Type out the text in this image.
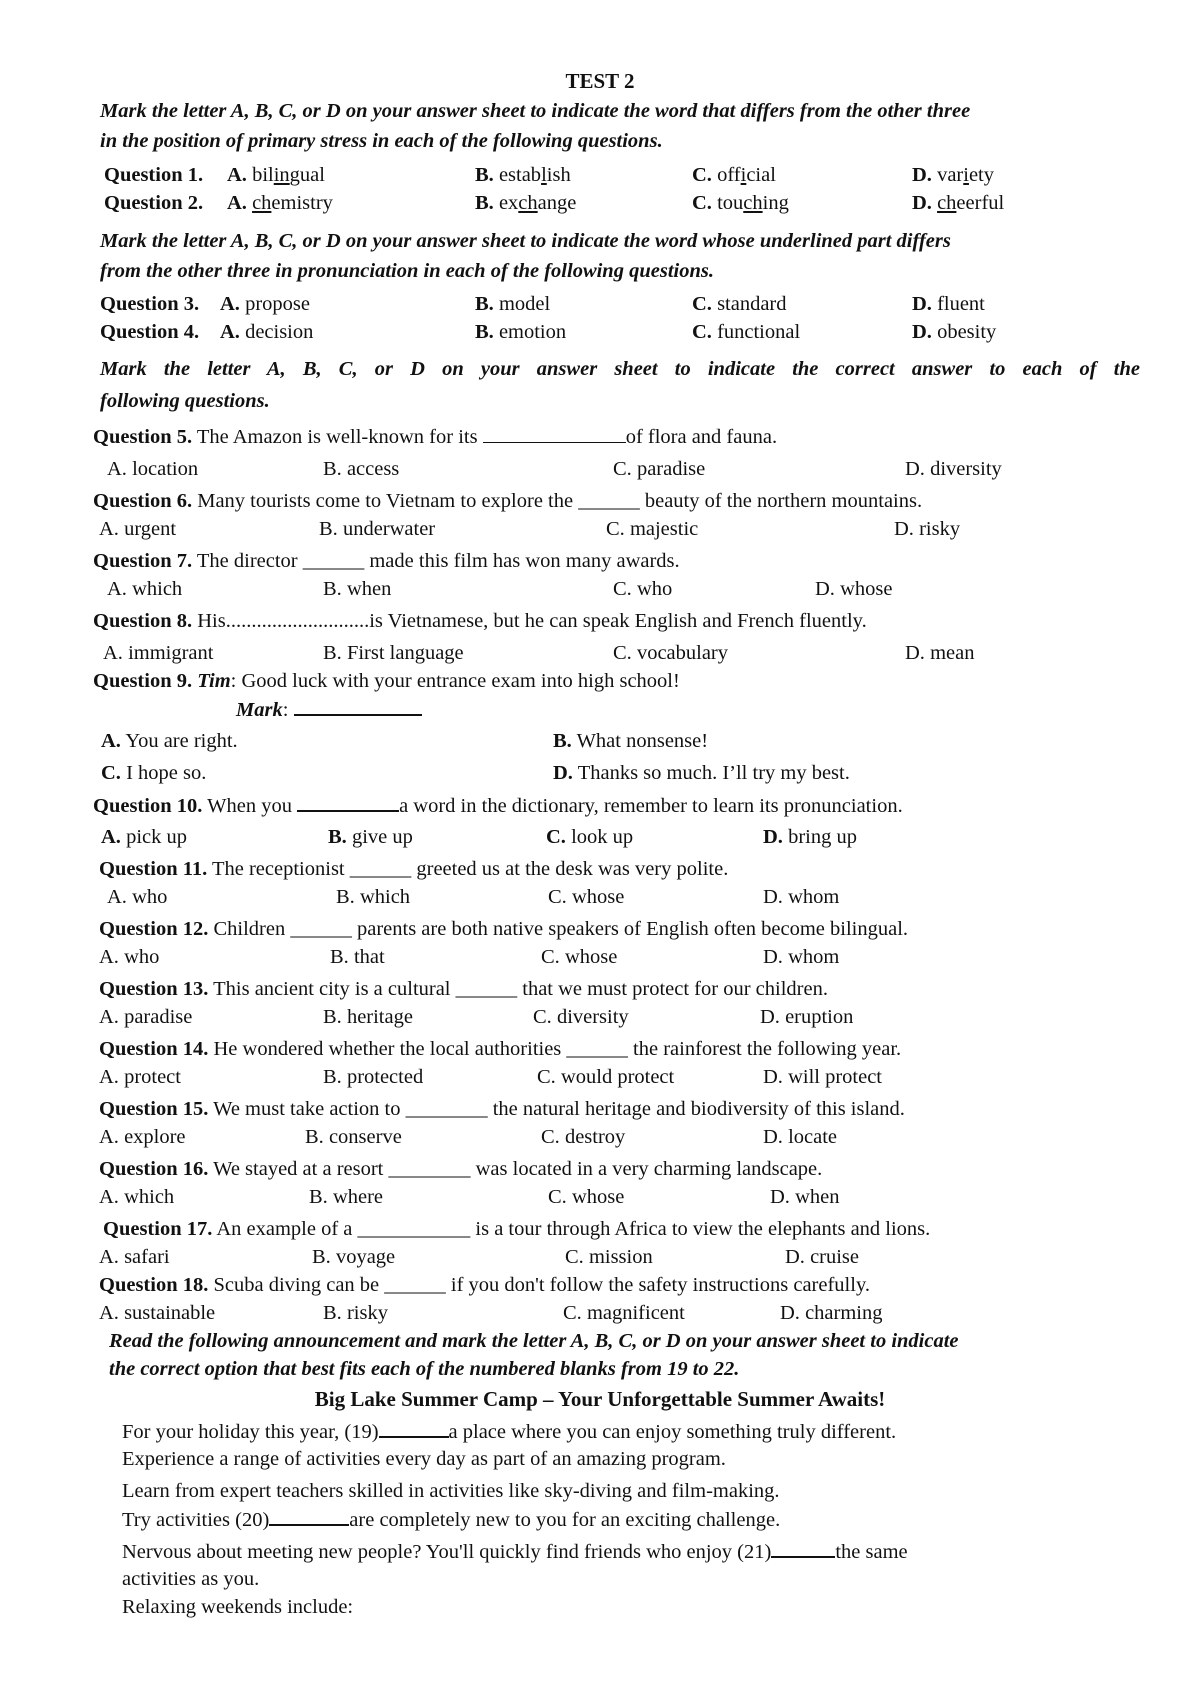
TEST 2
Mark the letter A, B, C, or D on your answer sheet to indicate the word that differs from the other three
in the position of primary stress in each of the following questions.
Question 1. A. bilingual	B. establish	C. official	D. variety
Question 2. A. chemistry	B. exchange	C. touching	D. cheerful
Mark the letter A, B, C, or D on your answer sheet to indicate the word whose underlined part differs
from the other three in pronunciation in each of the following questions.
Question 3. A. propose	B. model	C. standard	D. fluent
Question 4. A. decision	B. emotion	C. functional	D. obesity
Mark the letter A, B, C, or D on your answer sheet to indicate the correct answer to each of the
following questions.
Question 5. The Amazon is well-known for its	of flora and fauna.
A. location	B. access	C. paradise	D. diversity
Question 6. Many tourists come to Vietnam to explore the ______ beauty of the northern mountains.
A. urgent	B. underwater	C. majestic	D. risky
Question 7. The director ______ made this film has won many awards.
A. which	B. when	C. who	D. whose
Question 8. His............................is Vietnamese, but he can speak English and French fluently.
A. immigrant	B. First language	C. vocabulary	D. mean
Question 9. Tim: Good luck with your entrance exam into high school!
Mark:
A. You are right.	B. What nonsense!
C. I hope so.	D. Thanks so much. I’ll try my best.
Question 10. When you	a word in the dictionary, remember to learn its pronunciation.
A. pick up	B. give up	C. look up	D. bring up
Question 11. The receptionist ______ greeted us at the desk was very polite.
A. who	B. which	C. whose	D. whom
Question 12. Children ______ parents are both native speakers of English often become bilingual.
A. who	B. that	C. whose	D. whom
Question 13. This ancient city is a cultural ______ that we must protect for our children.
A. paradise	B. heritage	C. diversity	D. eruption
Question 14. He wondered whether the local authorities ______ the rainforest the following year.
A. protect	B. protected	C. would protect	D. will protect
Question 15. We must take action to ________ the natural heritage and biodiversity of this island.
A. explore	B. conserve	C. destroy	D. locate
Question 16. We stayed at a resort ________ was located in a very charming landscape.
A. which	B. where	C. whose	D. when
Question 17. An example of a ___________ is a tour through Africa to view the elephants and lions.
A. safari	B. voyage	C. mission	D. cruise
Question 18. Scuba diving can be ______ if you don't follow the safety instructions carefully.
A. sustainable	B. risky	C. magnificent	D. charming
Read the following announcement and mark the letter A, B, C, or D on your answer sheet to indicate
the correct option that best fits each of the numbered blanks from 19 to 22.
Big Lake Summer Camp – Your Unforgettable Summer Awaits!
For your holiday this year, (19)	a place where you can enjoy something truly different.
Experience a range of activities every day as part of an amazing program.
Learn from expert teachers skilled in activities like sky-diving and film-making.
Try activities (20)	are completely new to you for an exciting challenge.
Nervous about meeting new people? You'll quickly find friends who enjoy (21)	the same
activities as you.
Relaxing weekends include:
